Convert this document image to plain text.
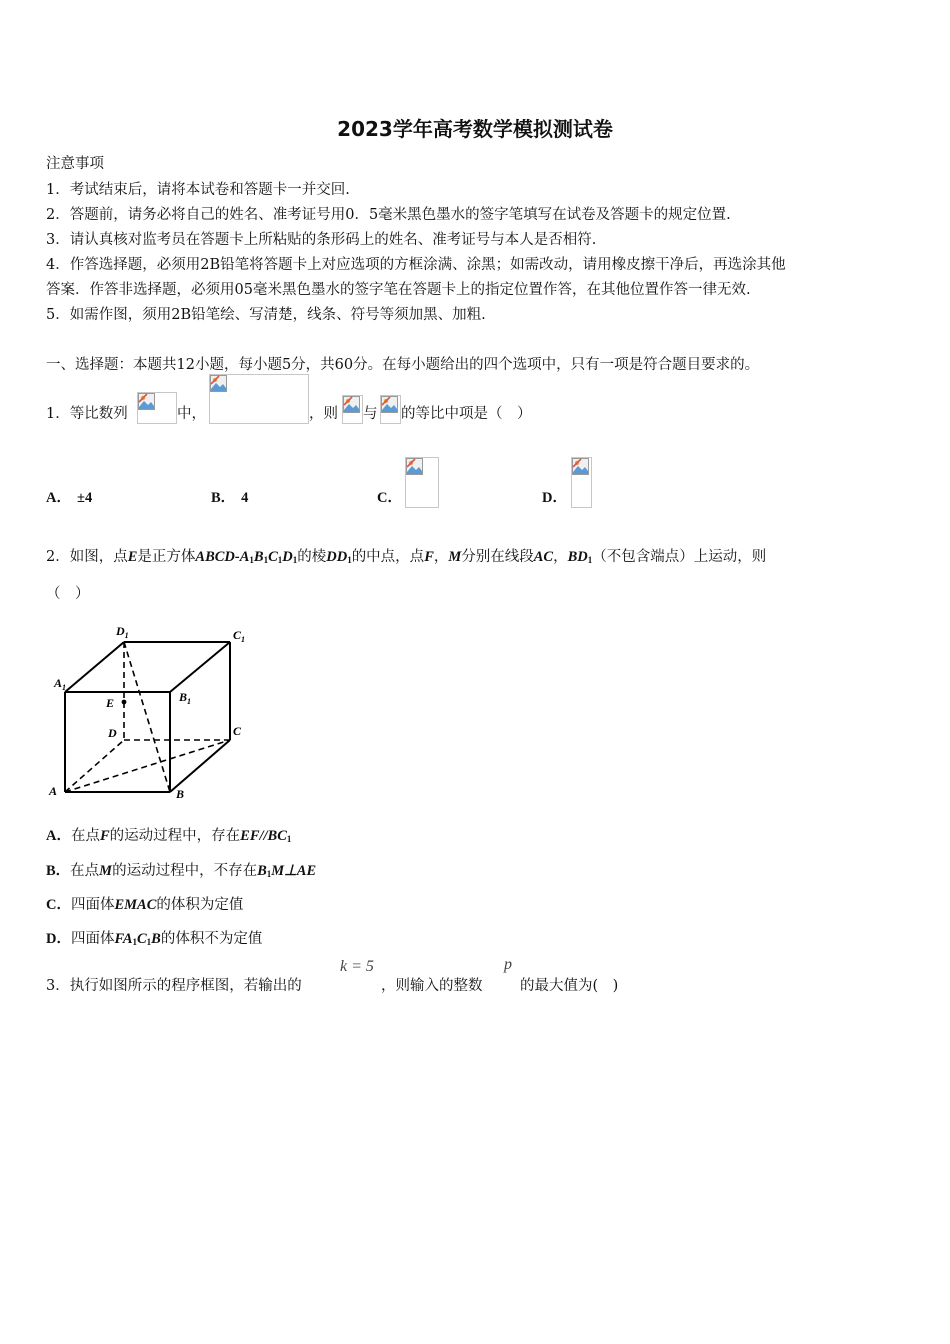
2023学年高考数学模拟测试卷
注意事项
1．考试结束后，请将本试卷和答题卡一并交回.
2．答题前，请务必将自己的姓名、准考证号用0．5毫米黑色墨水的签字笔填写在试卷及答题卡的规定位置.
3．请认真核对监考员在答题卡上所粘贴的条形码上的姓名、准考证号与本人是否相符.
4．作答选择题，必须用2B铅笔将答题卡上对应选项的方框涂满、涂黑；如需改动，请用橡皮擦干净后，再选涂其他
答案．作答非选择题，必须用05毫米黑色墨水的签字笔在答题卡上的指定位置作答，在其他位置作答一律无效.
5．如需作图，须用2B铅笔绘、写清楚，线条、符号等须加黑、加粗.
一、选择题：本题共12小题，每小题5分，共60分。在每小题给出的四个选项中，只有一项是符合题目要求的。
1．等比数列	中，	，则 与 的等比中项是（　）
A． ±4	B． 4	C．	D．
2．如图，点E是正方体ABCD-$A_1B_1C_1D_1$的棱$DD_1$的中点，点F，M分别在线段AC，$BD_1$（不包含端点）上运动，则
（　）
$D_1$	$C_1$
$A_1$
$B_1$
E
D	C
A	B
A．在点F的运动过程中，存在$EF//BC_1$
B．在点M的运动过程中，不存在$B_1M\perp AE$
C．四面体EMAC的体积为定值
D．四面体$FA_1C_1B$的体积不为定值
3．执行如图所示的程序框图，若输出的
k = 5
，则输入的整数
p
的最大值为(　)
